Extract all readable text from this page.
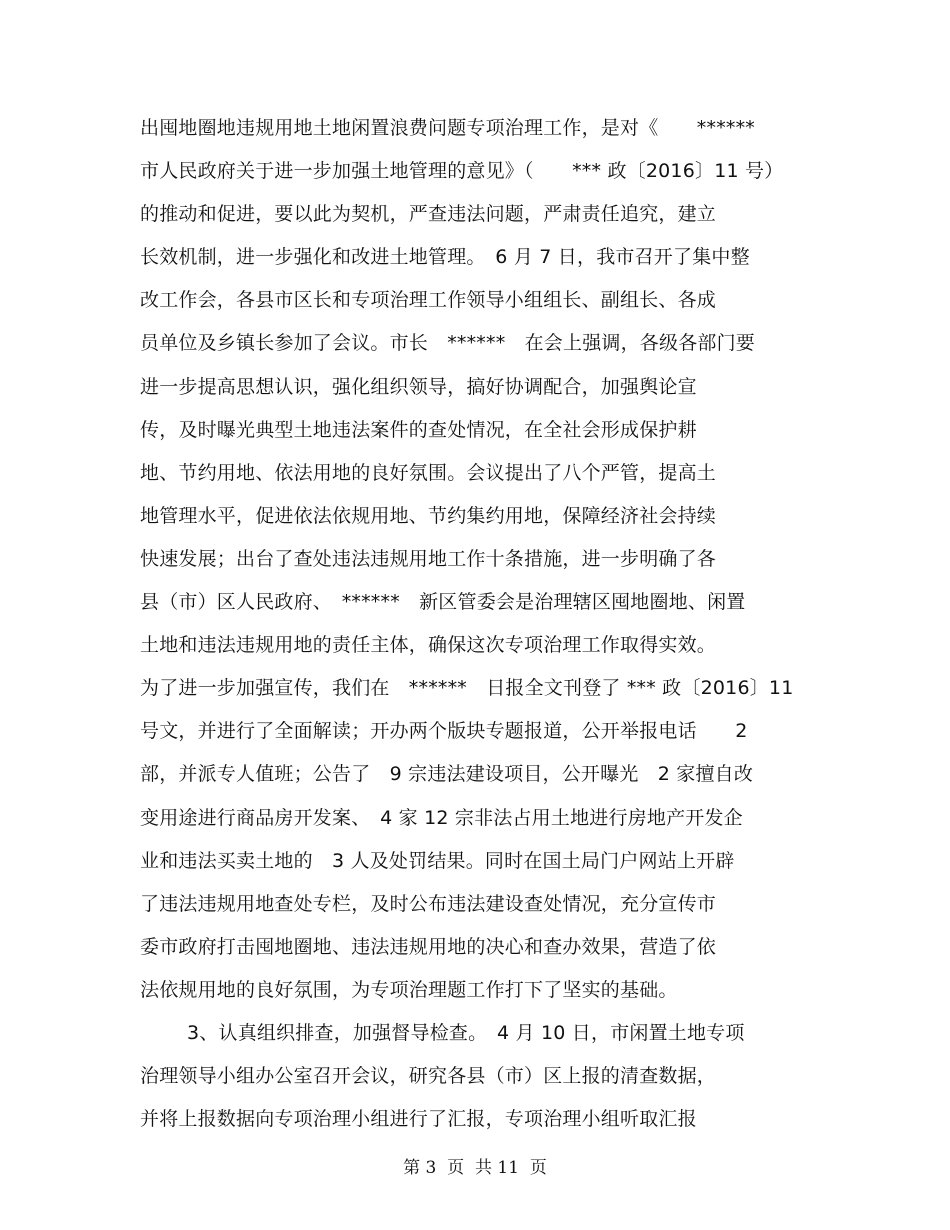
出囤地圈地违规用地土地闲置浪费问题专项治理工作，是对《　　******
市人民政府关于进一步加强土地管理的意见》（　　*** 政〔2016〕11 号）
的推动和促进，要以此为契机，严查违法问题，严肃责任追究，建立
长效机制，进一步强化和改进土地管理。　6 月 7 日，我市召开了集中整
改工作会，各县市区长和专项治理工作领导小组组长、副组长、各成
员单位及乡镇长参加了会议。市长　******　在会上强调，各级各部门要
进一步提高思想认识，强化组织领导，搞好协调配合，加强舆论宣
传，及时曝光典型土地违法案件的查处情况，在全社会形成保护耕
地、节约用地、依法用地的良好氛围。会议提出了八个严管，提高土
地管理水平，促进依法依规用地、节约集约用地，保障经济社会持续
快速发展；出台了查处违法违规用地工作十条措施，进一步明确了各
县（市）区人民政府、　******　新区管委会是治理辖区囤地圈地、闲置
土地和违法违规用地的责任主体，确保这次专项治理工作取得实效。
为了进一步加强宣传，我们在　******　日报全文刊登了 *** 政〔2016〕11
号文，并进行了全面解读；开办两个版块专题报道，公开举报电话　　2
部，并派专人值班；公告了　9 宗违法建设项目，公开曝光　2 家擅自改
变用途进行商品房开发案、　4 家 12 宗非法占用土地进行房地产开发企
业和违法买卖土地的　3 人及处罚结果。同时在国土局门户网站上开辟
了违法违规用地查处专栏，及时公布违法建设查处情况，充分宣传市
委市政府打击囤地圈地、违法违规用地的决心和查办效果，营造了依
法依规用地的良好氛围，为专项治理题工作打下了坚实的基础。
3、认真组织排查，加强督导检查。　4 月 10 日，市闲置土地专项
治理领导小组办公室召开会议，研究各县（市）区上报的清查数据，
并将上报数据向专项治理小组进行了汇报，专项治理小组听取汇报
第 3  页  共 11  页
